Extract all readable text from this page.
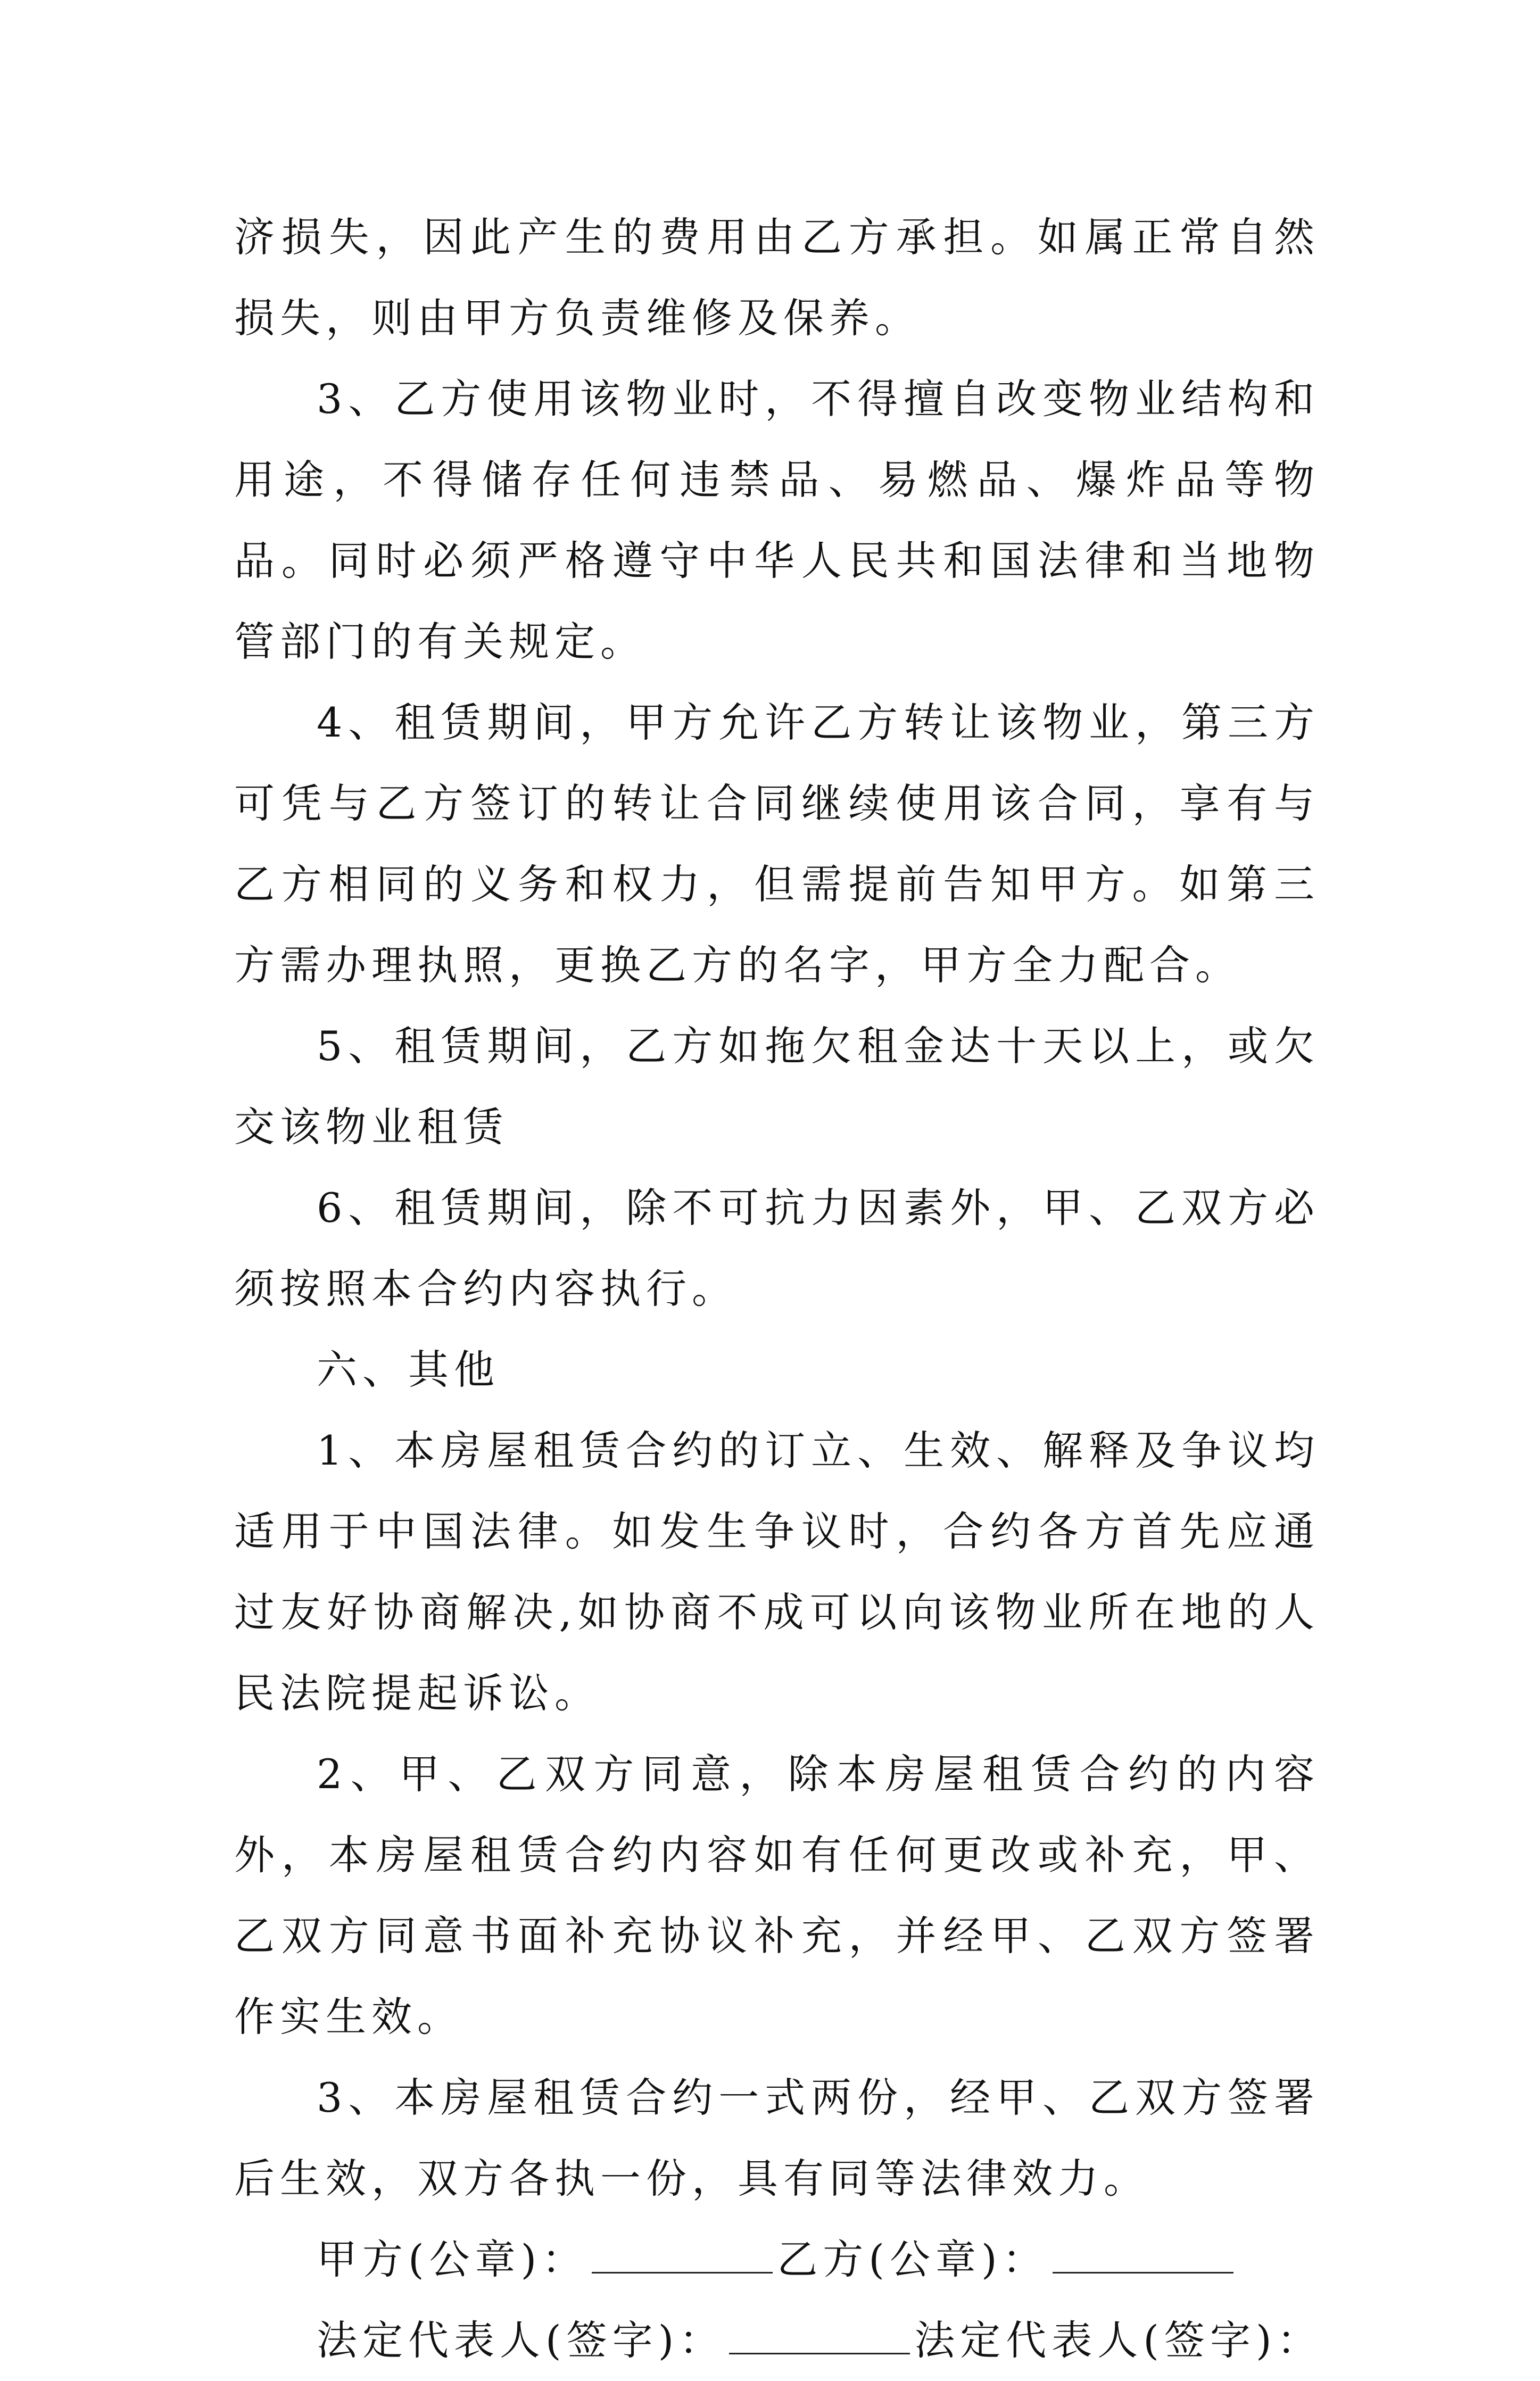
济损失，因此产生的费用由乙方承担。如属正常自然损失，则由甲方负责维修及保养。

3、乙方使用该物业时，不得擅自改变物业结构和用途，不得储存任何违禁品、易燃品、爆炸品等物品。同时必须严格遵守中华人民共和国法律和当地物管部门的有关规定。

4、租赁期间，甲方允许乙方转让该物业，第三方可凭与乙方签订的转让合同继续使用该合同，享有与乙方相同的义务和权力，但需提前告知甲方。如第三方需办理执照，更换乙方的名字，甲方全力配合。

5、租赁期间，乙方如拖欠租金达十天以上，或欠交该物业租赁

6、租赁期间，除不可抗力因素外，甲、乙双方必须按照本合约内容执行。

六、其他

1、本房屋租赁合约的订立、生效、解释及争议均适用于中国法律。如发生争议时，合约各方首先应通过友好协商解决,如协商不成可以向该物业所在地的人民法院提起诉讼。

2、甲、乙双方同意，除本房屋租赁合约的内容外，本房屋租赁合约内容如有任何更改或补充，甲、乙双方同意书面补充协议补充，并经甲、乙双方签署作实生效。

3、本房屋租赁合约一式两份，经甲、乙双方签署后生效，双方各执一份，具有同等法律效力。

甲方(公章)：	乙方(公章)：

法定代表人(签字)：	法定代表人(签字)：
